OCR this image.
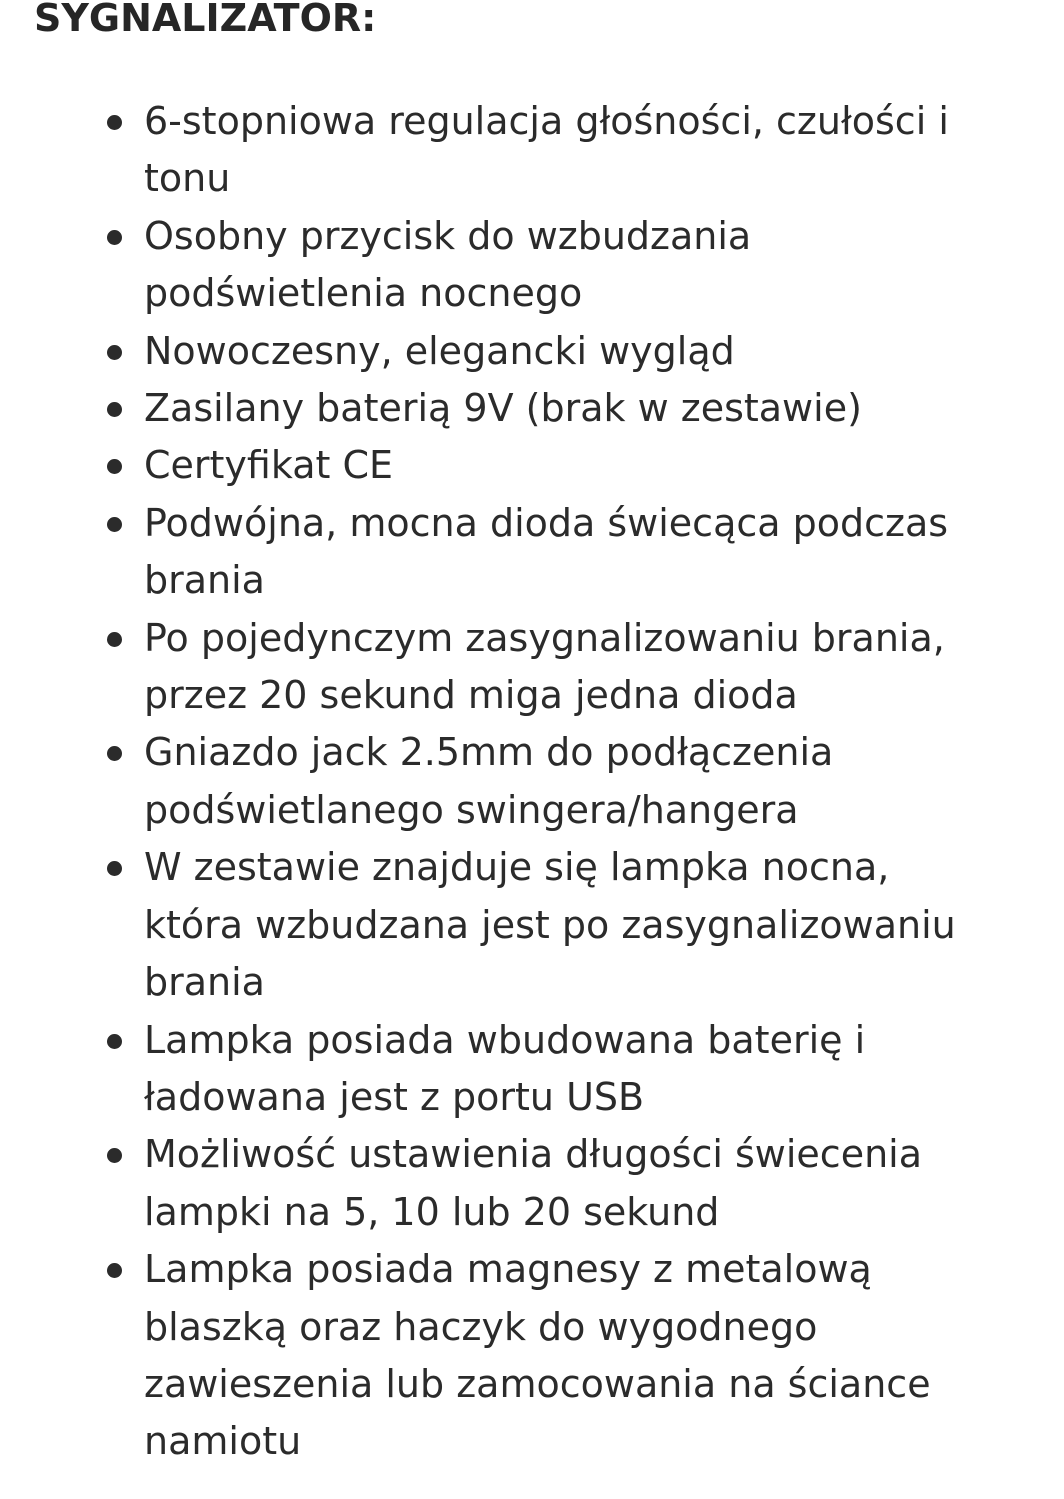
SYGNALIZATOR:
6-stopniowa regulacja głośności, czułości i
tonu
Osobny przycisk do wzbudzania
podświetlenia nocnego
Nowoczesny, elegancki wygląd
Zasilany baterią 9V (brak w zestawie)
Certyfikat CE
Podwójna, mocna dioda świecąca podczas
brania
Po pojedynczym zasygnalizowaniu brania,
przez 20 sekund miga jedna dioda
Gniazdo jack 2.5mm do podłączenia
podświetlanego swingera/hangera
W zestawie znajduje się lampka nocna,
która wzbudzana jest po zasygnalizowaniu
brania
Lampka posiada wbudowana baterię i
ładowana jest z portu USB
Możliwość ustawienia długości świecenia
lampki na 5, 10 lub 20 sekund
Lampka posiada magnesy z metalową
blaszką oraz haczyk do wygodnego
zawieszenia lub zamocowania na ściance
namiotu
